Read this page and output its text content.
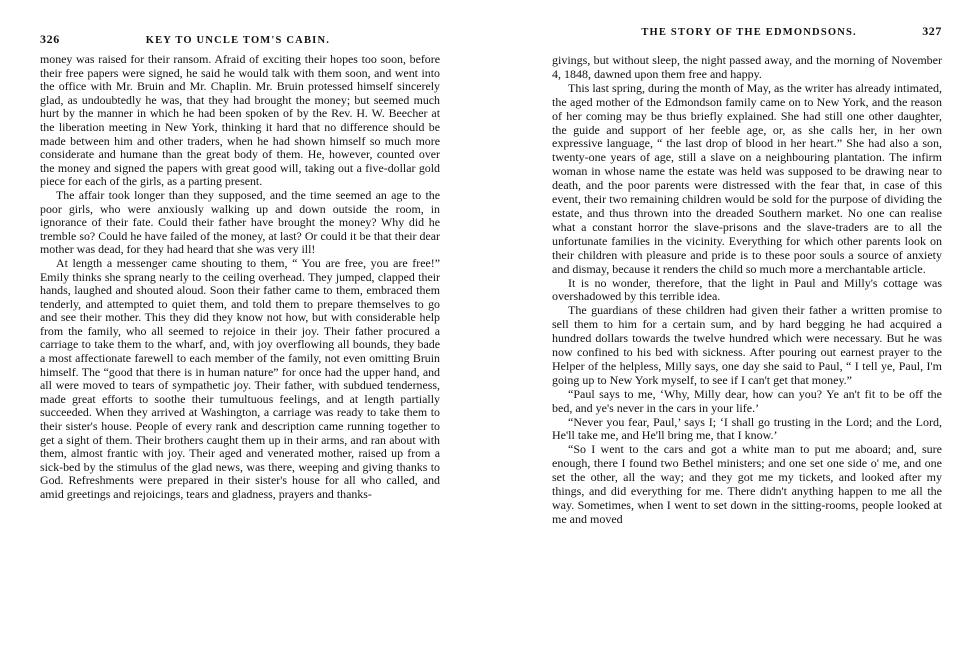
326	KEY TO UNCLE TOM'S CABIN.

money was raised for their ransom. Afraid of exciting their hopes too soon, before their free papers were signed, he said he would talk with them soon, and went into the office with Mr. Bruin and Mr. Chaplin. Mr. Bruin protessed himself sincerely glad, as undoubtedly he was, that they had brought the money; but seemed much hurt by the manner in which he had been spoken of by the Rev. H. W. Beecher at the liberation meeting in New York, thinking it hard that no difference should be made between him and other traders, when he had shown himself so much more considerate and humane than the great body of them. He, however, counted over the money and signed the papers with great good will, taking out a five-dollar gold piece for each of the girls, as a parting present.

The affair took longer than they supposed, and the time seemed an age to the poor girls, who were anxiously walking up and down outside the room, in ignorance of their fate. Could their father have brought the money? Why did he tremble so? Could he have failed of the money, at last? Or could it be that their dear mother was dead, for they had heard that she was very ill!

At length a messenger came shouting to them, “ You are free, you are free!” Emily thinks she sprang nearly to the ceiling overhead. They jumped, clapped their hands, laughed and shouted aloud. Soon their father came to them, embraced them tenderly, and attempted to quiet them, and told them to prepare themselves to go and see their mother. This they did they know not how, but with considerable help from the family, who all seemed to rejoice in their joy. Their father procured a carriage to take them to the wharf, and, with joy overflowing all bounds, they bade a most affectionate farewell to each member of the family, not even omitting Bruin himself. The “good that there is in human nature” for once had the upper hand, and all were moved to tears of sympathetic joy. Their father, with subdued tenderness, made great efforts to soothe their tumultuous feelings, and at length partially succeeded. When they arrived at Washington, a carriage was ready to take them to their sister's house. People of every rank and description came running together to get a sight of them. Their brothers caught them up in their arms, and ran about with them, almost frantic with joy. Their aged and venerated mother, raised up from a sick-bed by the stimulus of the glad news, was there, weeping and giving thanks to God. Refreshments were prepared in their sister's house for all who called, and amid greetings and rejoicings, tears and gladness, prayers and thanks-

THE STORY OF THE EDMONDSONS.	327

givings, but without sleep, the night passed away, and the morning of November 4, 1848, dawned upon them free and happy.

This last spring, during the month of May, as the writer has already intimated, the aged mother of the Edmondson family came on to New York, and the reason of her coming may be thus briefly explained. She had still one other daughter, the guide and support of her feeble age, or, as she calls her, in her own expressive language, “ the last drop of blood in her heart.” She had also a son, twenty-one years of age, still a slave on a neighbouring plantation. The infirm woman in whose name the estate was held was supposed to be drawing near to death, and the poor parents were distressed with the fear that, in case of this event, their two remaining children would be sold for the purpose of dividing the estate, and thus thrown into the dreaded Southern market. No one can realise what a constant horror the slave-prisons and the slave-traders are to all the unfortunate families in the vicinity. Everything for which other parents look on their children with pleasure and pride is to these poor souls a source of anxiety and dismay, because it renders the child so much more a merchantable article.

It is no wonder, therefore, that the light in Paul and Milly's cottage was overshadowed by this terrible idea.

The guardians of these children had given their father a written promise to sell them to him for a certain sum, and by hard begging he had acquired a hundred dollars towards the twelve hundred which were necessary. But he was now confined to his bed with sickness. After pouring out earnest prayer to the Helper of the helpless, Milly says, one day she said to Paul, “ I tell ye, Paul, I'm going up to New York myself, to see if I can't get that money.”

“Paul says to me, ‘Why, Milly dear, how can you? Ye an't fit to be off the bed, and ye's never in the cars in your life.’

“Never you fear, Paul,’ says I; ‘I shall go trusting in the Lord; and the Lord, He'll take me, and He'll bring me, that I know.’

“So I went to the cars and got a white man to put me aboard; and, sure enough, there I found two Bethel ministers; and one set one side o' me, and one set the other, all the way; and they got me my tickets, and looked after my things, and did everything for me. There didn't anything happen to me all the way. Sometimes, when I went to set down in the sitting-rooms, people looked at me and moved
